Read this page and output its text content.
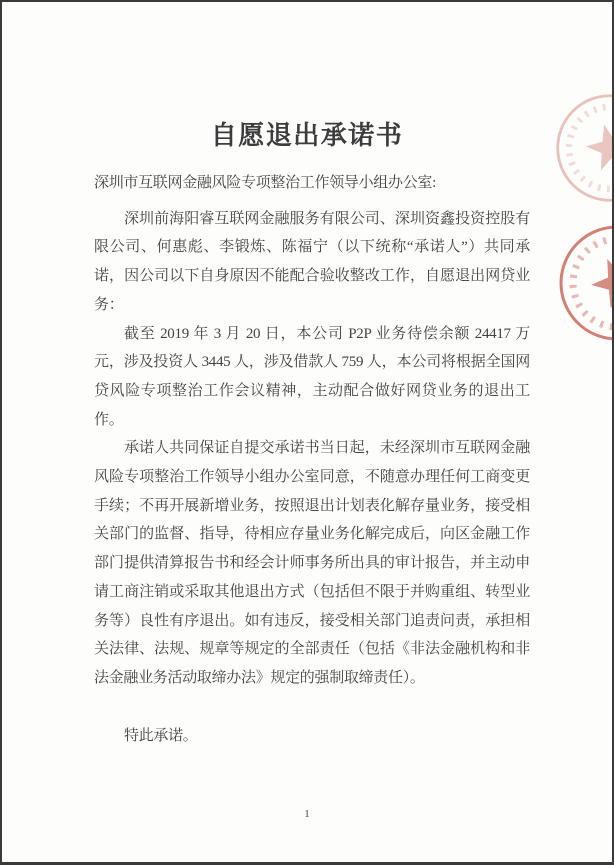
自愿退出承诺书

深圳市互联网金融风险专项整治工作领导小组办公室:

深圳前海阳睿互联网金融服务有限公司、深圳资鑫投资控股有限公司、何惠彪、李锻炼、陈福宁（以下统称“承诺人”）共同承诺，因公司以下自身原因不能配合验收整改工作，自愿退出网贷业务：

截至 2019 年 3 月 20 日，本公司 P2P 业务待偿余额 24417 万元，涉及投资人 3445 人，涉及借款人 759 人，本公司将根据全国网贷风险专项整治工作会议精神，主动配合做好网贷业务的退出工作。

承诺人共同保证自提交承诺书当日起，未经深圳市互联网金融风险专项整治工作领导小组办公室同意，不随意办理任何工商变更手续；不再开展新增业务，按照退出计划表化解存量业务，接受相关部门的监督、指导，待相应存量业务化解完成后，向区金融工作部门提供清算报告书和经会计师事务所出具的审计报告，并主动申请工商注销或采取其他退出方式（包括但不限于并购重组、转型业务等）良性有序退出。如有违反，接受相关部门追责问责，承担相关法律、法规、规章等规定的全部责任（包括《非法金融机构和非法金融业务活动取缔办法》规定的强制取缔责任）。

特此承诺。

1
